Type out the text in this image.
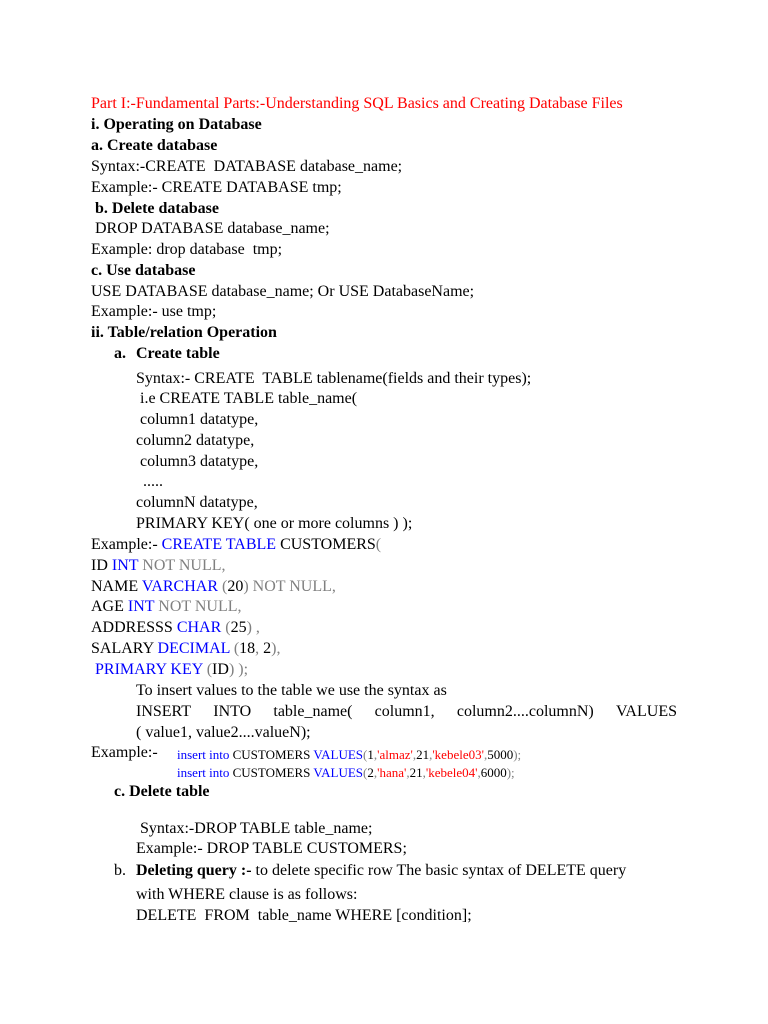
Part I:-Fundamental Parts:-Understanding SQL Basics and Creating Database Files
i. Operating on Database
a. Create database
Syntax:-CREATE  DATABASE database_name;
Example:- CREATE DATABASE tmp;
b. Delete database
DROP DATABASE database_name;
Example: drop database  tmp;
c. Use database
USE DATABASE database_name; Or USE DatabaseName;
Example:- use tmp;
ii. Table/relation Operation
a. Create table
Syntax:- CREATE  TABLE tablename(fields and their types);
i.e CREATE TABLE table_name(
column1 datatype,
column2 datatype,
column3 datatype,
.....
columnN datatype,
PRIMARY KEY( one or more columns ) );
Example:- CREATE TABLE CUSTOMERS(
ID INT NOT NULL,
NAME VARCHAR (20) NOT NULL,
AGE INT NOT NULL,
ADDRESSS CHAR (25) ,
SALARY DECIMAL (18, 2),
PRIMARY KEY (ID) );
To insert values to the table we use the syntax as
INSERT INTO table_name( column1, column2....columnN) VALUES
( value1, value2....valueN);
Example:- insert into CUSTOMERS VALUES(1,'almaz',21,'kebele03',5000);
insert into CUSTOMERS VALUES(2,'hana',21,'kebele04',6000);
c. Delete table
Syntax:-DROP TABLE table_name;
Example:- DROP TABLE CUSTOMERS;
b. Deleting query :- to delete specific row The basic syntax of DELETE query
with WHERE clause is as follows:
DELETE  FROM  table_name WHERE [condition];
